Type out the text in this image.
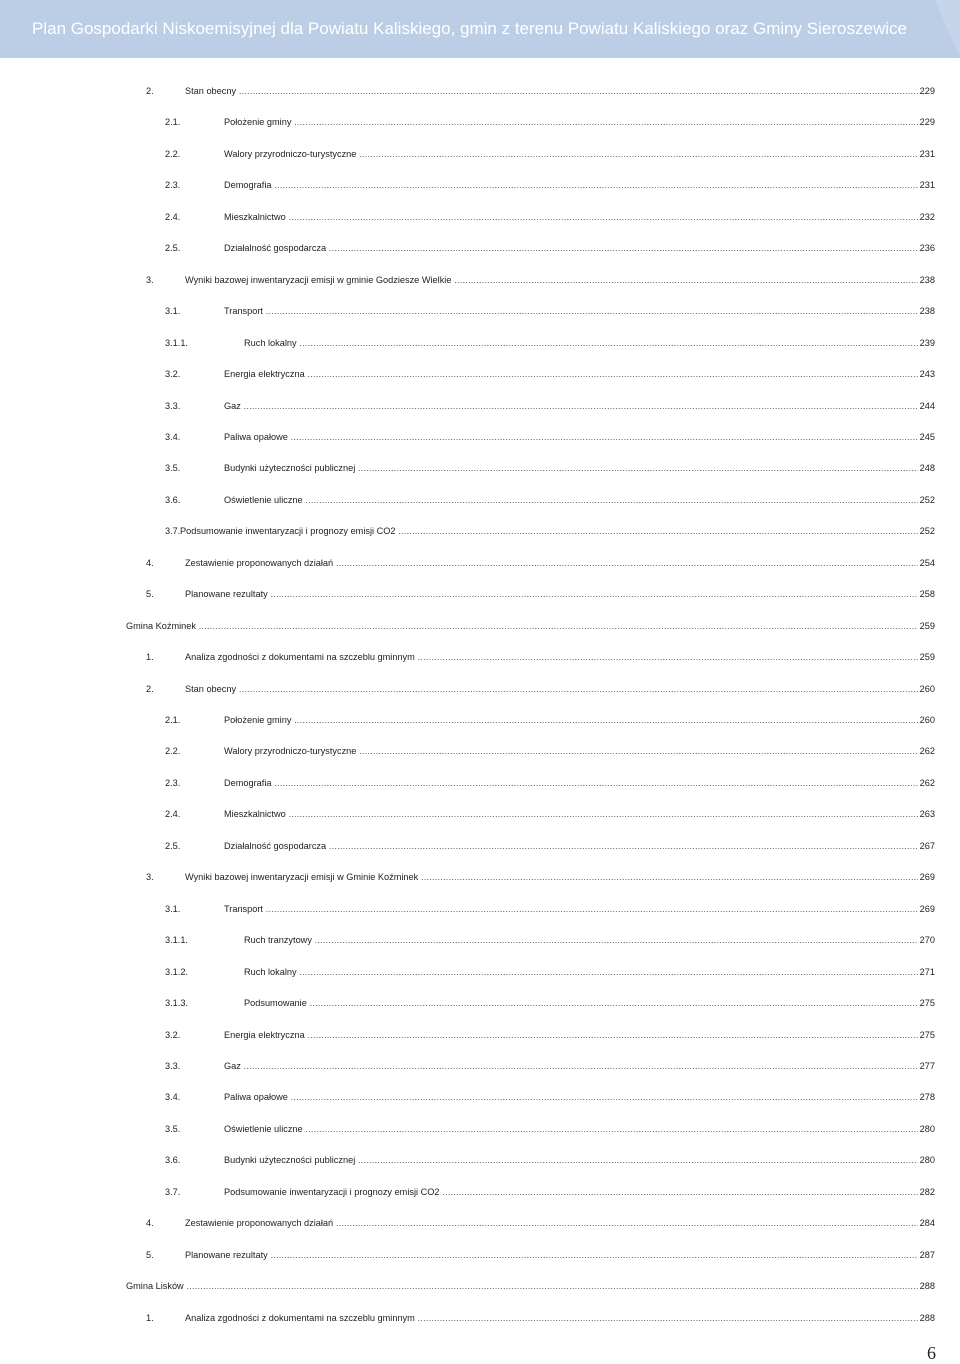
Plan Gospodarki Niskoemisyjnej dla Powiatu Kaliskiego, gmin z terenu Powiatu Kaliskiego oraz Gminy Sieroszewice
2.	Stan obecny .....	229
2.1.	Położenie gminy .....	229
2.2.	Walory przyrodniczo-turystyczne .....	231
2.3.	Demografia .....	231
2.4.	Mieszkalnictwo .....	232
2.5.	Działalność gospodarcza .....	236
3.	Wyniki bazowej inwentaryzacji emisji w gminie Godziesze Wielkie .....	238
3.1.	Transport .....	238
3.1.1.	Ruch lokalny .....	239
3.2.	Energia elektryczna .....	243
3.3.	Gaz .....	244
3.4.	Paliwa opałowe .....	245
3.5.	Budynki użyteczności publicznej .....	248
3.6.	Oświetlenie uliczne .....	252
3.7. Podsumowanie inwentaryzacji i prognozy emisji CO2 .....	252
4.	Zestawienie proponowanych działań .....	254
5.	Planowane rezultaty .....	258
Gmina Koźminek .....	259
1.	Analiza zgodności z dokumentami na szczeblu gminnym .....	259
2.	Stan obecny .....	260
2.1.	Położenie gminy .....	260
2.2.	Walory przyrodniczo-turystyczne .....	262
2.3.	Demografia .....	262
2.4.	Mieszkalnictwo .....	263
2.5.	Działalność gospodarcza .....	267
3.	Wyniki bazowej inwentaryzacji emisji w Gminie Koźminek .....	269
3.1.	Transport .....	269
3.1.1.	Ruch tranzytowy .....	270
3.1.2.	Ruch lokalny .....	271
3.1.3.	Podsumowanie .....	275
3.2.	Energia elektryczna .....	275
3.3.	Gaz .....	277
3.4.	Paliwa opałowe .....	278
3.5.	Oświetlenie uliczne .....	280
3.6.	Budynki użyteczności publicznej .....	280
3.7.	Podsumowanie inwentaryzacji i prognozy emisji CO2 .....	282
4.	Zestawienie proponowanych działań .....	284
5.	Planowane rezultaty .....	287
Gmina Lisków .....	288
1.	Analiza zgodności z dokumentami na szczeblu gminnym .....	288
6
